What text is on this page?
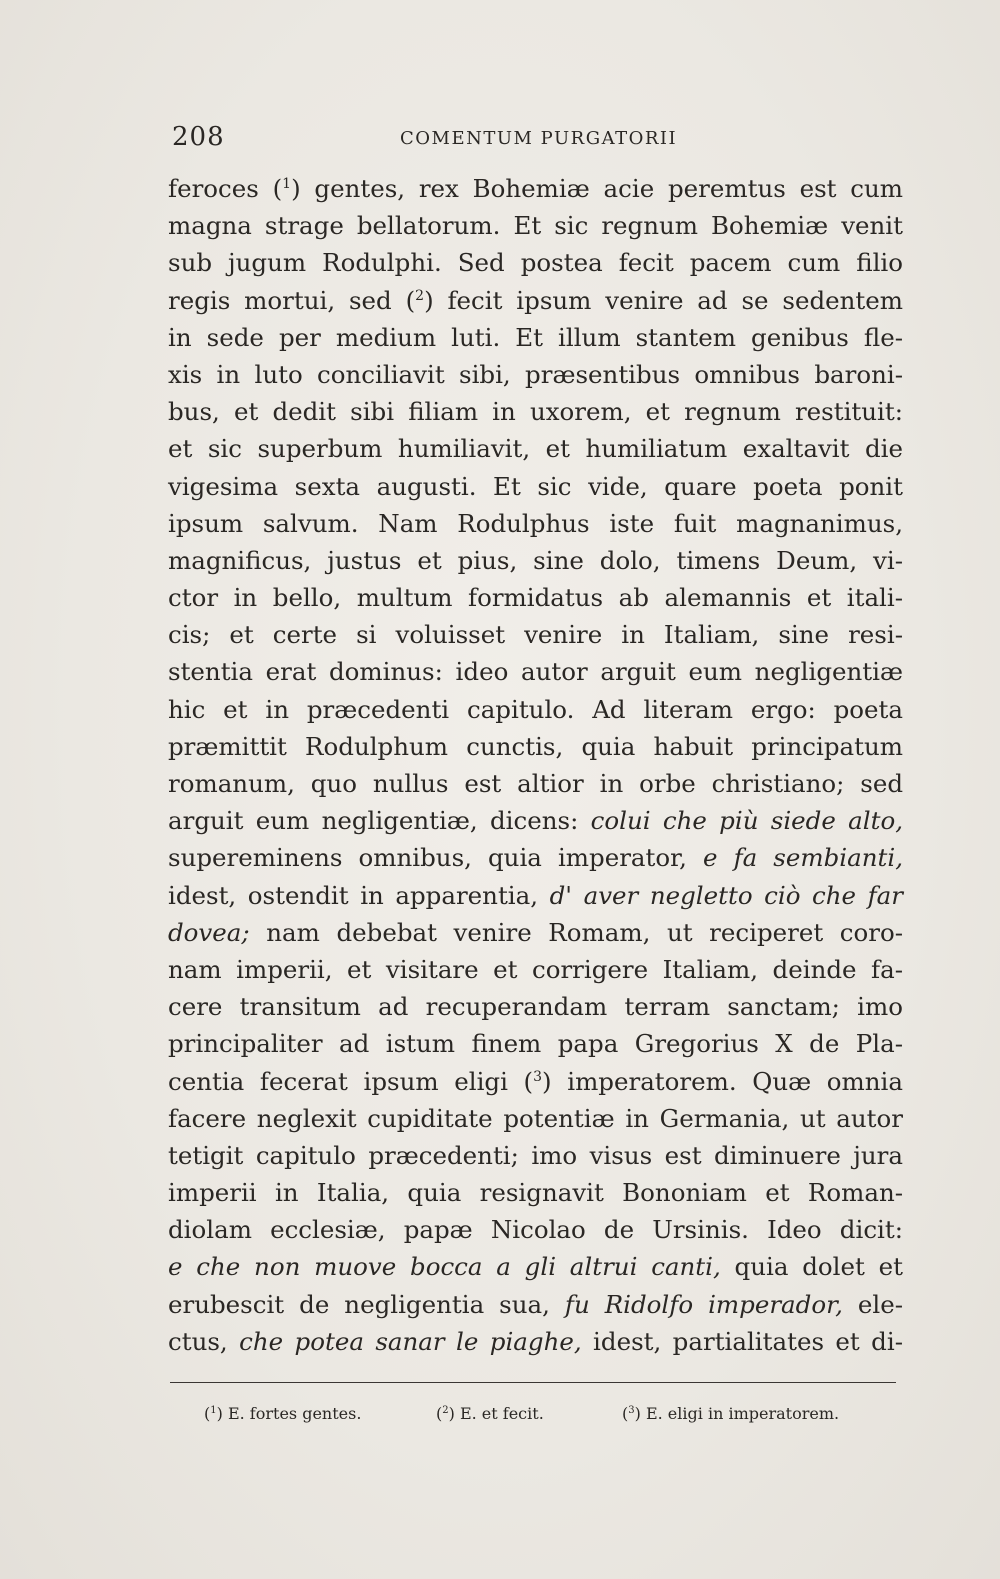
208	COMENTUM PURGATORII
feroces ($^1$) gentes, rex Bohemiæ acie peremtus est cum
magna strage bellatorum. Et sic regnum Bohemiæ venit
sub jugum Rodulphi. Sed postea fecit pacem cum filio
regis mortui, sed ($^2$) fecit ipsum venire ad se sedentem
in sede per medium luti. Et illum stantem genibus fle-
xis in luto conciliavit sibi, præsentibus omnibus baroni-
bus, et dedit sibi filiam in uxorem, et regnum restituit:
et sic superbum humiliavit, et humiliatum exaltavit die
vigesima sexta augusti. Et sic vide, quare poeta ponit
ipsum salvum. Nam Rodulphus iste fuit magnanimus,
magnificus, justus et pius, sine dolo, timens Deum, vi-
ctor in bello, multum formidatus ab alemannis et itali-
cis; et certe si voluisset venire in Italiam, sine resi-
stentia erat dominus: ideo autor arguit eum negligentiæ
hic et in præcedenti capitulo. Ad literam ergo: poeta
præmittit Rodulphum cunctis, quia habuit principatum
romanum, quo nullus est altior in orbe christiano; sed
arguit eum negligentiæ, dicens: colui che più siede alto,
supereminens omnibus, quia imperator, e fa sembianti,
idest, ostendit in apparentia, d' aver negletto ciò che far
dovea; nam debebat venire Romam, ut reciperet coro-
nam imperii, et visitare et corrigere Italiam, deinde fa-
cere transitum ad recuperandam terram sanctam; imo
principaliter ad istum finem papa Gregorius X de Pla-
centia fecerat ipsum eligi ($^3$) imperatorem. Quæ omnia
facere neglexit cupiditate potentiæ in Germania, ut autor
tetigit capitulo præcedenti; imo visus est diminuere jura
imperii in Italia, quia resignavit Bononiam et Roman-
diolam ecclesiæ, papæ Nicolao de Ursinis. Ideo dicit:
e che non muove bocca a gli altrui canti, quia dolet et
erubescit de negligentia sua, fu Ridolfo imperador, ele-
ctus, che potea sanar le piaghe, idest, partialitates et di-
($^1$) E. fortes gentes.	($^2$) E. et fecit.	($^3$) E. eligi in imperatorem.
